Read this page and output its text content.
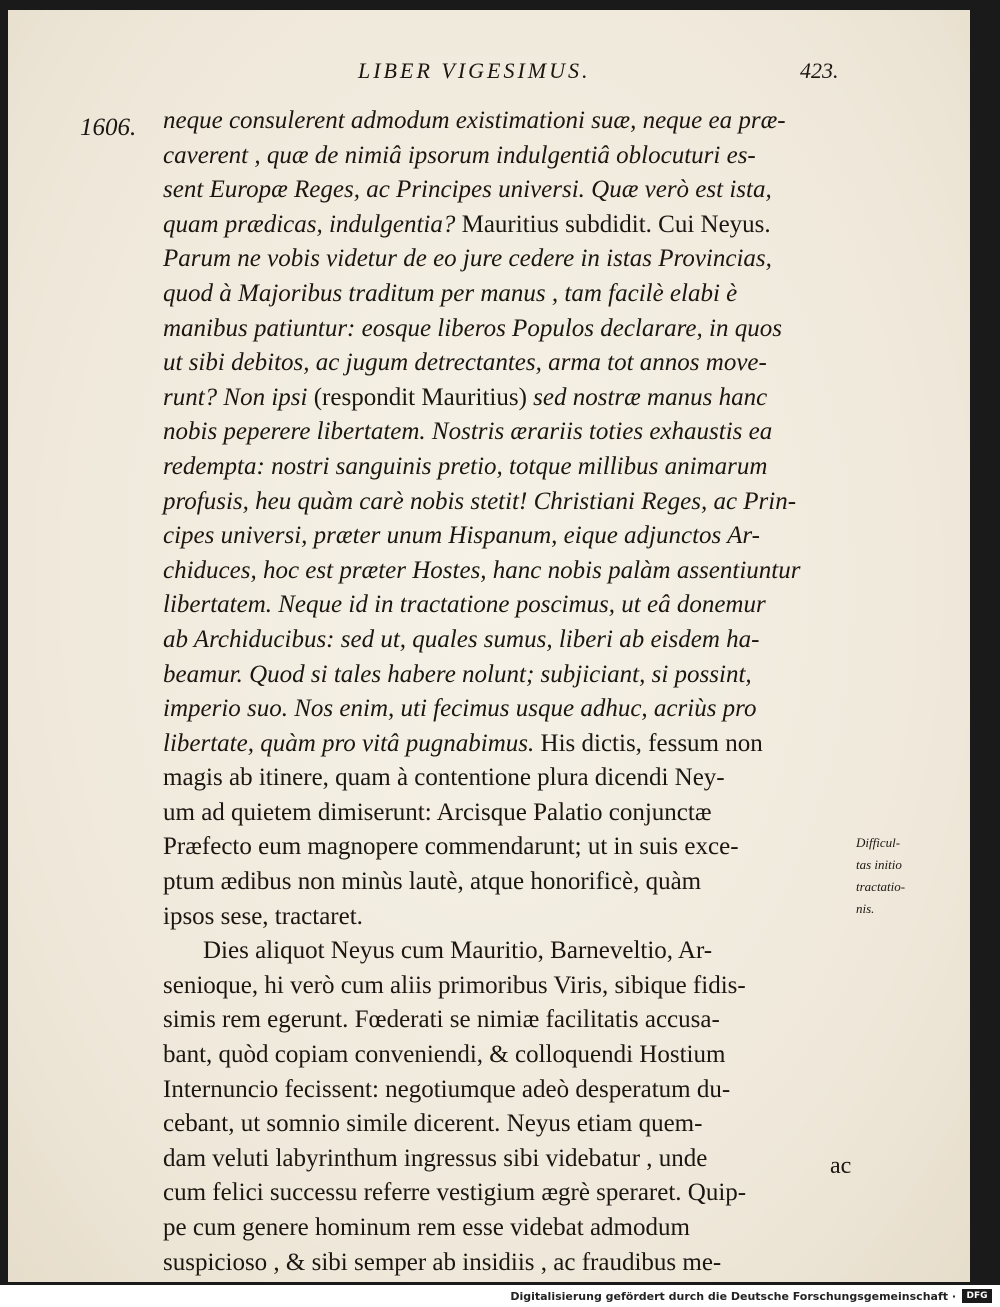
LIBER VIGESIMUS.	423.
1606. neque consulerent admodum existimationi suæ, neque ea præ-
caverent , quæ de nimiâ ipsorum indulgentiâ oblocuturi es-
sent Europæ Reges, ac Principes universi. Quæ verò est ista,
quam prædicas, indulgentia? Mauritius subdidit. Cui Neyus.
Parum ne vobis videtur de eo jure cedere in istas Provincias,
quod à Majoribus traditum per manus , tam facilè elabi è
manibus patiuntur: eosque liberos Populos declarare, in quos
ut sibi debitos, ac jugum detrectantes, arma tot annos move-
runt? Non ipsi (respondit Mauritius) sed nostræ manus hanc
nobis peperere libertatem. Nostris ærariis toties exhaustis ea
redempta: nostri sanguinis pretio, totque millibus animarum
profusis, heu quàm carè nobis stetit! Christiani Reges, ac Prin-
cipes universi, præter unum Hispanum, eique adjunctos Ar-
chiduces, hoc est præter Hostes, hanc nobis palàm assentiuntur
libertatem. Neque id in tractatione poscimus, ut eâ donemur
ab Archiducibus: sed ut, quales sumus, liberi ab eisdem ha-
beamur. Quod si tales habere nolunt; subjiciant, si possint,
imperio suo. Nos enim, uti fecimus usque adhuc, acriùs pro
libertate, quàm pro vitâ pugnabimus. His dictis, fessum non
magis ab itinere, quam à contentione plura dicendi Ney-
um ad quietem dimiserunt: Arcisque Palatio conjunctæ
Præfecto eum magnopere commendarunt; ut in suis exce-
ptum ædibus non minùs lautè, atque honorificè, quàm
ipsos sese, tractaret.
Dies aliquot Neyus cum Mauritio, Barneveltio, Ar-
senioque, hi verò cum aliis primoribus Viris, sibique fidis-
simis rem egerunt. Fœderati se nimiæ facilitatis accusa-
bant, quòd copiam conveniendi, & colloquendi Hostium
Internuncio fecissent: negotiumque adeò desperatum du-
cebant, ut somnio simile dicerent. Neyus etiam quem-
dam veluti labyrinthum ingressus sibi videbatur , unde
cum felici successu referre vestigium ægrè speraret. Quip-
pe cum genere hominum rem esse videbat admodum
suspicioso , & sibi semper ab insidiis , ac fraudibus me-
Difficul-
tas initio
tractatio-
nis.
ac
Digitalisierung gefördert durch die Deutsche Forschungsgemeinschaft ·	DFG
